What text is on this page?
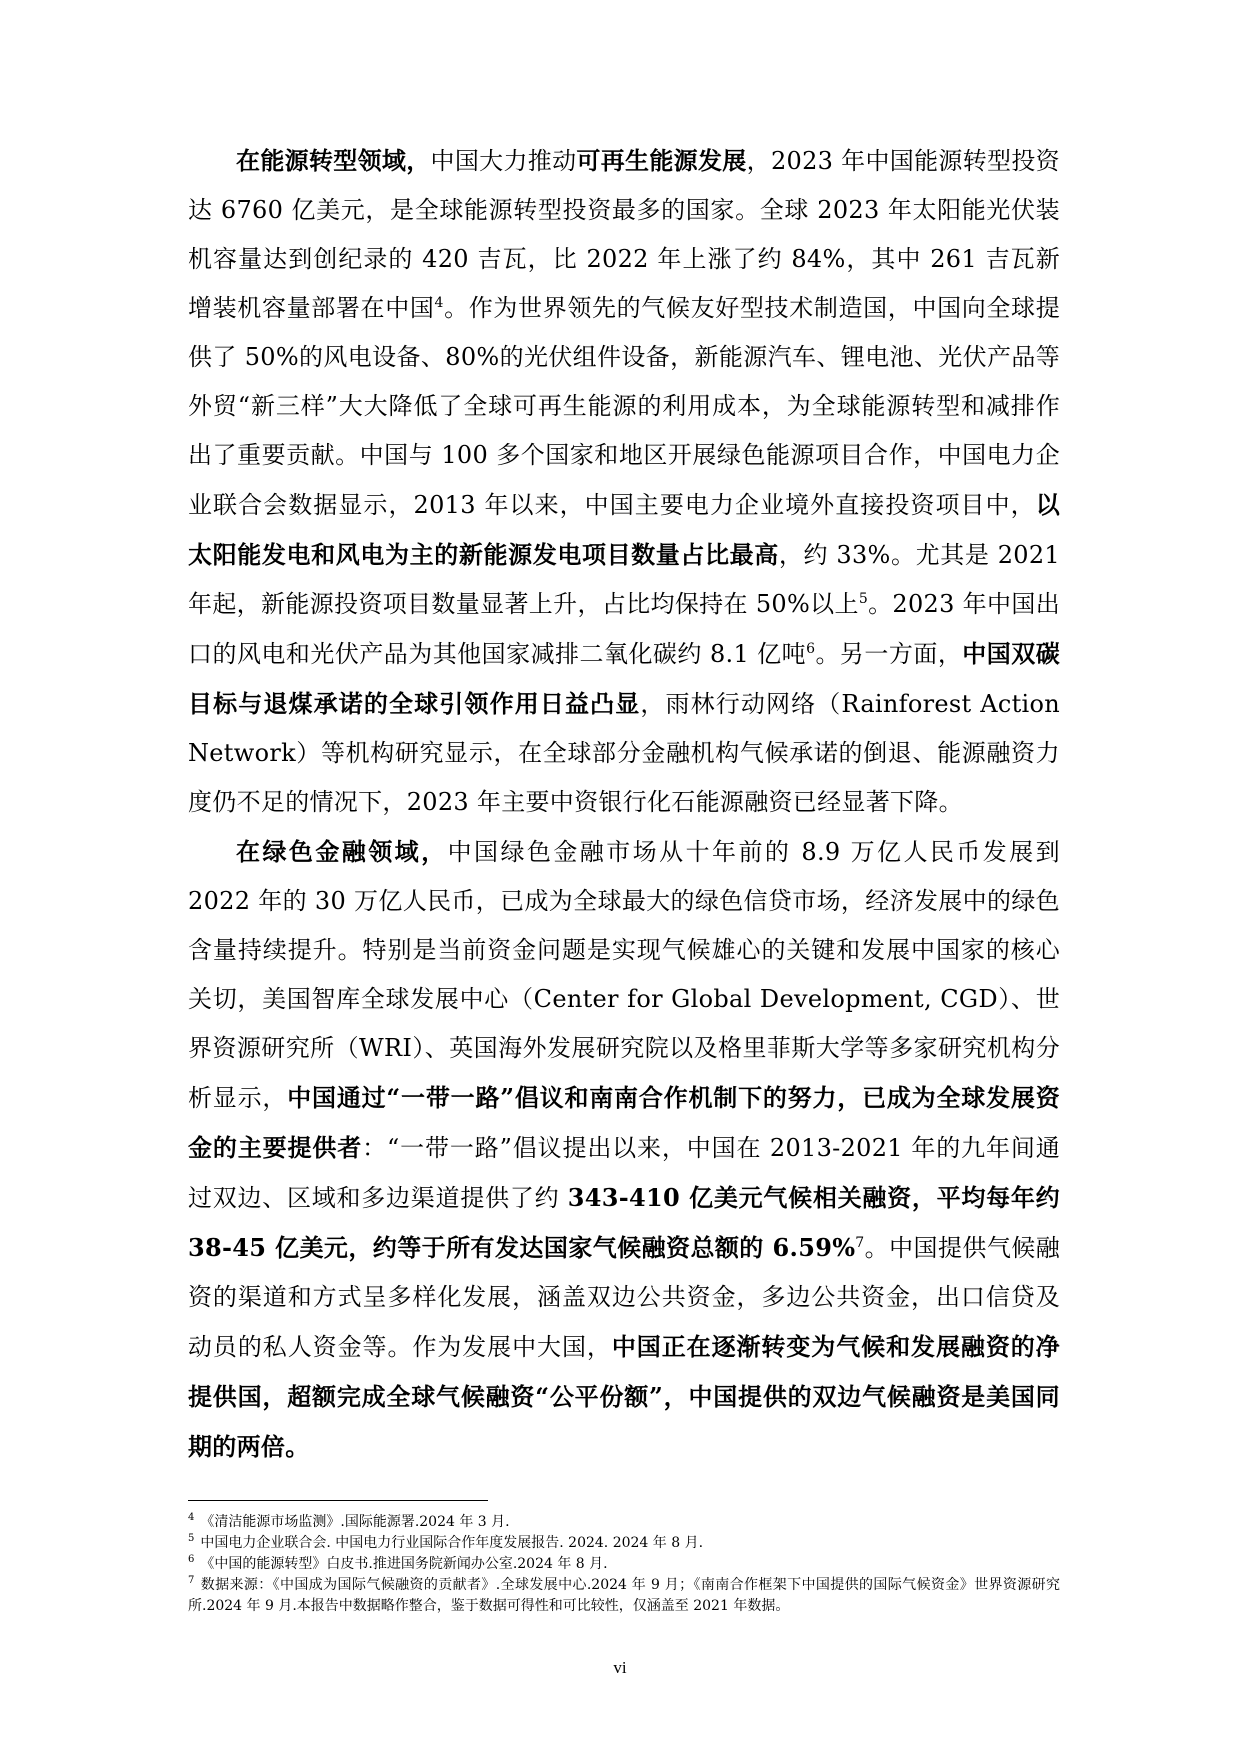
在能源转型领域，中国大力推动可再生能源发展，2023 年中国能源转型投资达 6760 亿美元，是全球能源转型投资最多的国家。全球 2023 年太阳能光伏装机容量达到创纪录的 420 吉瓦，比 2022 年上涨了约 84%，其中 261 吉瓦新增装机容量部署在中国$^4$。作为世界领先的气候友好型技术制造国，中国向全球提供了 50%的风电设备、80%的光伏组件设备，新能源汽车、锂电池、光伏产品等外贸“新三样”大大降低了全球可再生能源的利用成本，为全球能源转型和减排作出了重要贡献。中国与 100 多个国家和地区开展绿色能源项目合作，中国电力企业联合会数据显示，2013 年以来，中国主要电力企业境外直接投资项目中，以太阳能发电和风电为主的新能源发电项目数量占比最高，约 33%。尤其是 2021 年起，新能源投资项目数量显著上升，占比均保持在 50%以上$^5$。2023 年中国出口的风电和光伏产品为其他国家减排二氧化碳约 8.1 亿吨$^6$。另一方面，中国双碳目标与退煤承诺的全球引领作用日益凸显，雨林行动网络（Rainforest Action Network）等机构研究显示，在全球部分金融机构气候承诺的倒退、能源融资力度仍不足的情况下，2023 年主要中资银行化石能源融资已经显著下降。

在绿色金融领域，中国绿色金融市场从十年前的 8.9 万亿人民币发展到 2022 年的 30 万亿人民币，已成为全球最大的绿色信贷市场，经济发展中的绿色含量持续提升。特别是当前资金问题是实现气候雄心的关键和发展中国家的核心关切，美国智库全球发展中心（Center for Global Development, CGD）、世界资源研究所（WRI）、英国海外发展研究院以及格里菲斯大学等多家研究机构分析显示，中国通过“一带一路”倡议和南南合作机制下的努力，已成为全球发展资金的主要提供者：“一带一路”倡议提出以来，中国在 2013-2021 年的九年间通过双边、区域和多边渠道提供了约 343-410 亿美元气候相关融资，平均每年约 38-45 亿美元，约等于所有发达国家气候融资总额的 6.59%$^7$。中国提供气候融资的渠道和方式呈多样化发展，涵盖双边公共资金，多边公共资金，出口信贷及动员的私人资金等。作为发展中大国，中国正在逐渐转变为气候和发展融资的净提供国，超额完成全球气候融资“公平份额”，中国提供的双边气候融资是美国同期的两倍。

$^4$ 《清洁能源市场监测》.国际能源署.2024 年 3 月.

$^5$ 中国电力企业联合会. 中国电力行业国际合作年度发展报告. 2024. 2024 年 8 月.

$^6$ 《中国的能源转型》白皮书.推进国务院新闻办公室.2024 年 8 月.

$^7$ 数据来源：《中国成为国际气候融资的贡献者》.全球发展中心.2024 年 9 月；《南南合作框架下中国提供的国际气候资金》世界资源研究所.2024 年 9 月.本报告中数据略作整合，鉴于数据可得性和可比较性，仅涵盖至 2021 年数据。

vi
